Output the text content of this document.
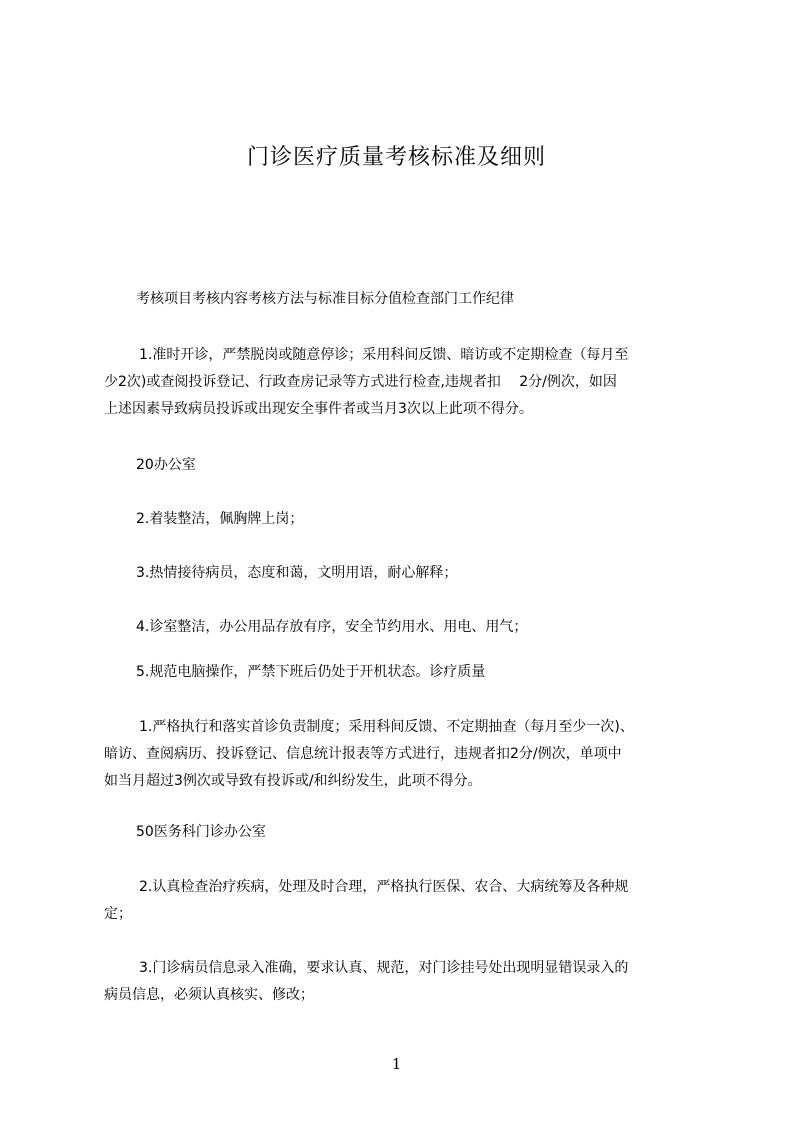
门诊医疗质量考核标准及细则
考核项目考核内容考核方法与标准目标分值检查部门工作纪律
1.准时开诊，严禁脱岗或随意停诊；采用科间反馈、暗访或不定期检查（每月至
少2次)或查阅投诉登记、行政查房记录等方式进行检查,违规者扣　 2分/例次，如因
上述因素导致病员投诉或出现安全事件者或当月3次以上此项不得分。
20办公室
2.着装整洁，佩胸牌上岗；
3.热情接待病员，态度和蔼，文明用语，耐心解释；
4.诊室整洁，办公用品存放有序，安全节约用水、用电、用气；
5.规范电脑操作，严禁下班后仍处于开机状态。诊疗质量
1.严格执行和落实首诊负责制度；采用科间反馈、不定期抽查（每月至少一次)、
暗访、查阅病历、投诉登记、信息统计报表等方式进行，违规者扣2分/例次，单项中
如当月超过3例次或导致有投诉或/和纠纷发生，此项不得分。
50医务科门诊办公室
2.认真检查治疗疾病，处理及时合理，严格执行医保、农合、大病统筹及各种规
定；
3.门诊病员信息录入准确，要求认真、规范，对门诊挂号处出现明显错误录入的
病员信息，必须认真核实、修改；
1
